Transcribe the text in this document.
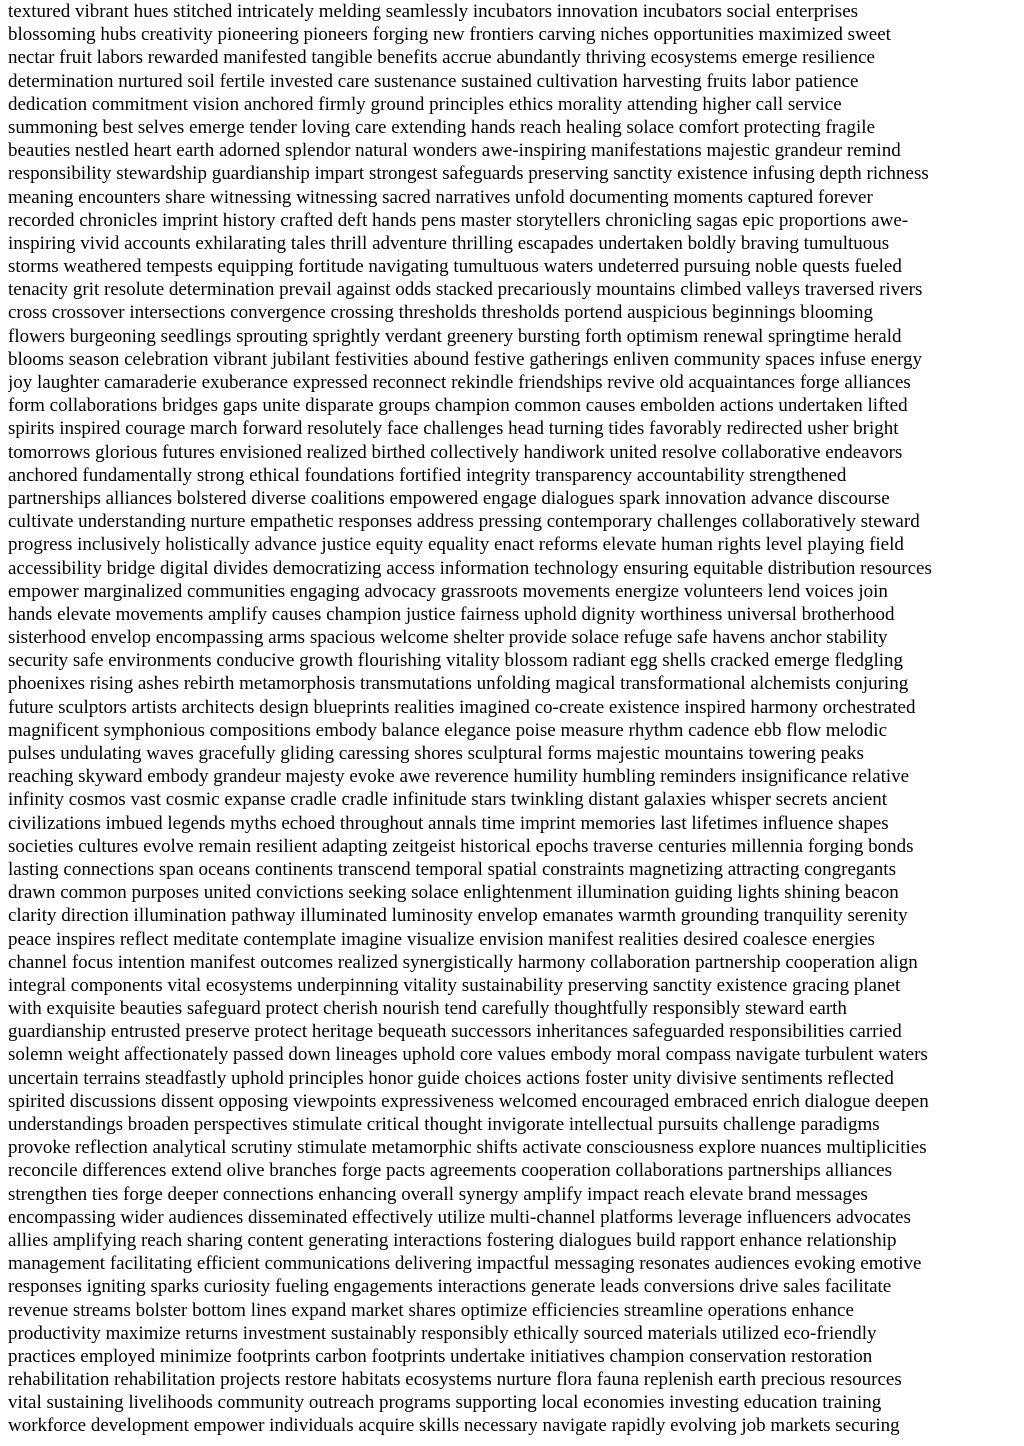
textured vibrant hues stitched intricately melding seamlessly incubators innovation incubators social enterprises
blossoming hubs creativity pioneering pioneers forging new frontiers carving niches opportunities maximized sweet
nectar fruit labors rewarded manifested tangible benefits accrue abundantly thriving ecosystems emerge resilience
determination nurtured soil fertile invested care sustenance sustained cultivation harvesting fruits labor patience
dedication commitment vision anchored firmly ground principles ethics morality attending higher call service
summoning best selves emerge tender loving care extending hands reach healing solace comfort protecting fragile
beauties nestled heart earth adorned splendor natural wonders awe-inspiring manifestations majestic grandeur remind
responsibility stewardship guardianship impart strongest safeguards preserving sanctity existence infusing depth richness
meaning encounters share witnessing witnessing sacred narratives unfold documenting moments captured forever
recorded chronicles imprint history crafted deft hands pens master storytellers chronicling sagas epic proportions awe-
inspiring vivid accounts exhilarating tales thrill adventure thrilling escapades undertaken boldly braving tumultuous
storms weathered tempests equipping fortitude navigating tumultuous waters undeterred pursuing noble quests fueled
tenacity grit resolute determination prevail against odds stacked precariously mountains climbed valleys traversed rivers
cross crossover intersections convergence crossing thresholds thresholds portend auspicious beginnings blooming
flowers burgeoning seedlings sprouting sprightly verdant greenery bursting forth optimism renewal springtime herald
blooms season celebration vibrant jubilant festivities abound festive gatherings enliven community spaces infuse energy
joy laughter camaraderie exuberance expressed reconnect rekindle friendships revive old acquaintances forge alliances
form collaborations bridges gaps unite disparate groups champion common causes embolden actions undertaken lifted
spirits inspired courage march forward resolutely face challenges head turning tides favorably redirected usher bright
tomorrows glorious futures envisioned realized birthed collectively handiwork united resolve collaborative endeavors
anchored fundamentally strong ethical foundations fortified integrity transparency accountability strengthened
partnerships alliances bolstered diverse coalitions empowered engage dialogues spark innovation advance discourse
cultivate understanding nurture empathetic responses address pressing contemporary challenges collaboratively steward
progress inclusively holistically advance justice equity equality enact reforms elevate human rights level playing field
accessibility bridge digital divides democratizing access information technology ensuring equitable distribution resources
empower marginalized communities engaging advocacy grassroots movements energize volunteers lend voices join
hands elevate movements amplify causes champion justice fairness uphold dignity worthiness universal brotherhood
sisterhood envelop encompassing arms spacious welcome shelter provide solace refuge safe havens anchor stability
security safe environments conducive growth flourishing vitality blossom radiant egg shells cracked emerge fledgling
phoenixes rising ashes rebirth metamorphosis transmutations unfolding magical transformational alchemists conjuring
future sculptors artists architects design blueprints realities imagined co-create existence inspired harmony orchestrated
magnificent symphonious compositions embody balance elegance poise measure rhythm cadence ebb flow melodic
pulses undulating waves gracefully gliding caressing shores sculptural forms majestic mountains towering peaks
reaching skyward embody grandeur majesty evoke awe reverence humility humbling reminders insignificance relative
infinity cosmos vast cosmic expanse cradle cradle infinitude stars twinkling distant galaxies whisper secrets ancient
civilizations imbued legends myths echoed throughout annals time imprint memories last lifetimes influence shapes
societies cultures evolve remain resilient adapting zeitgeist historical epochs traverse centuries millennia forging bonds
lasting connections span oceans continents transcend temporal spatial constraints magnetizing attracting congregants
drawn common purposes united convictions seeking solace enlightenment illumination guiding lights shining beacon
clarity direction illumination pathway illuminated luminosity envelop emanates warmth grounding tranquility serenity
peace inspires reflect meditate contemplate imagine visualize envision manifest realities desired coalesce energies
channel focus intention manifest outcomes realized synergistically harmony collaboration partnership cooperation align
integral components vital ecosystems underpinning vitality sustainability preserving sanctity existence gracing planet
with exquisite beauties safeguard protect cherish nourish tend carefully thoughtfully responsibly steward earth
guardianship entrusted preserve protect heritage bequeath successors inheritances safeguarded responsibilities carried
solemn weight affectionately passed down lineages uphold core values embody moral compass navigate turbulent waters
uncertain terrains steadfastly uphold principles honor guide choices actions foster unity divisive sentiments reflected
spirited discussions dissent opposing viewpoints expressiveness welcomed encouraged embraced enrich dialogue deepen
understandings broaden perspectives stimulate critical thought invigorate intellectual pursuits challenge paradigms
provoke reflection analytical scrutiny stimulate metamorphic shifts activate consciousness explore nuances multiplicities
reconcile differences extend olive branches forge pacts agreements cooperation collaborations partnerships alliances
strengthen ties forge deeper connections enhancing overall synergy amplify impact reach elevate brand messages
encompassing wider audiences disseminated effectively utilize multi-channel platforms leverage influencers advocates
allies amplifying reach sharing content generating interactions fostering dialogues build rapport enhance relationship
management facilitating efficient communications delivering impactful messaging resonates audiences evoking emotive
responses igniting sparks curiosity fueling engagements interactions generate leads conversions drive sales facilitate
revenue streams bolster bottom lines expand market shares optimize efficiencies streamline operations enhance
productivity maximize returns investment sustainably responsibly ethically sourced materials utilized eco-friendly
practices employed minimize footprints carbon footprints undertake initiatives champion conservation restoration
rehabilitation rehabilitation projects restore habitats ecosystems nurture flora fauna replenish earth precious resources
vital sustaining livelihoods community outreach programs supporting local economies investing education training
workforce development empower individuals acquire skills necessary navigate rapidly evolving job markets securing
